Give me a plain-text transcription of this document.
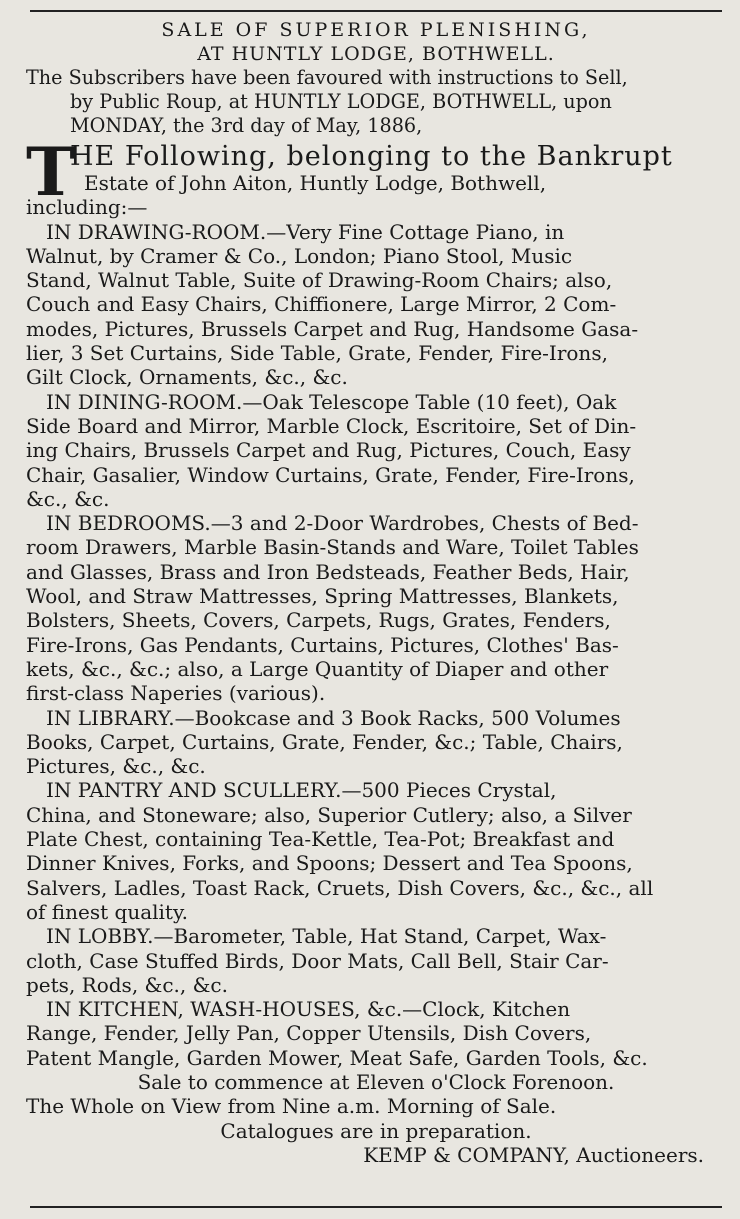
SALE OF SUPERIOR PLENISHING,
AT HUNTLY LODGE, BOTHWELL.
The Subscribers have been favoured with instructions to Sell,
by Public Roup, at HUNTLY LODGE, BOTHWELL, upon
MONDAY, the 3rd day of May, 1886,
T
HE Following, belonging to the Bankrupt
Estate of John Aiton, Huntly Lodge, Bothwell,
including:—
IN DRAWING-ROOM.—Very Fine Cottage Piano, in
Walnut, by Cramer & Co., London; Piano Stool, Music
Stand, Walnut Table, Suite of Drawing-Room Chairs; also,
Couch and Easy Chairs, Chiffionere, Large Mirror, 2 Com-
modes, Pictures, Brussels Carpet and Rug, Handsome Gasa-
lier, 3 Set Curtains, Side Table, Grate, Fender, Fire-Irons,
Gilt Clock, Ornaments, &c., &c.
IN DINING-ROOM.—Oak Telescope Table (10 feet), Oak
Side Board and Mirror, Marble Clock, Escritoire, Set of Din-
ing Chairs, Brussels Carpet and Rug, Pictures, Couch, Easy
Chair, Gasalier, Window Curtains, Grate, Fender, Fire-Irons,
&c., &c.
IN BEDROOMS.—3 and 2-Door Wardrobes, Chests of Bed-
room Drawers, Marble Basin-Stands and Ware, Toilet Tables
and Glasses, Brass and Iron Bedsteads, Feather Beds, Hair,
Wool, and Straw Mattresses, Spring Mattresses, Blankets,
Bolsters, Sheets, Covers, Carpets, Rugs, Grates, Fenders,
Fire-Irons, Gas Pendants, Curtains, Pictures, Clothes' Bas-
kets, &c., &c.; also, a Large Quantity of Diaper and other
first-class Naperies (various).
IN LIBRARY.—Bookcase and 3 Book Racks, 500 Volumes
Books, Carpet, Curtains, Grate, Fender, &c.; Table, Chairs,
Pictures, &c., &c.
IN PANTRY AND SCULLERY.—500 Pieces Crystal,
China, and Stoneware; also, Superior Cutlery; also, a Silver
Plate Chest, containing Tea-Kettle, Tea-Pot; Breakfast and
Dinner Knives, Forks, and Spoons; Dessert and Tea Spoons,
Salvers, Ladles, Toast Rack, Cruets, Dish Covers, &c., &c., all
of finest quality.
IN LOBBY.—Barometer, Table, Hat Stand, Carpet, Wax-
cloth, Case Stuffed Birds, Door Mats, Call Bell, Stair Car-
pets, Rods, &c., &c.
IN KITCHEN, WASH-HOUSES, &c.—Clock, Kitchen
Range, Fender, Jelly Pan, Copper Utensils, Dish Covers,
Patent Mangle, Garden Mower, Meat Safe, Garden Tools, &c.
Sale to commence at Eleven o'Clock Forenoon.
The Whole on View from Nine a.m. Morning of Sale.
Catalogues are in preparation.
KEMP & COMPANY, Auctioneers.
